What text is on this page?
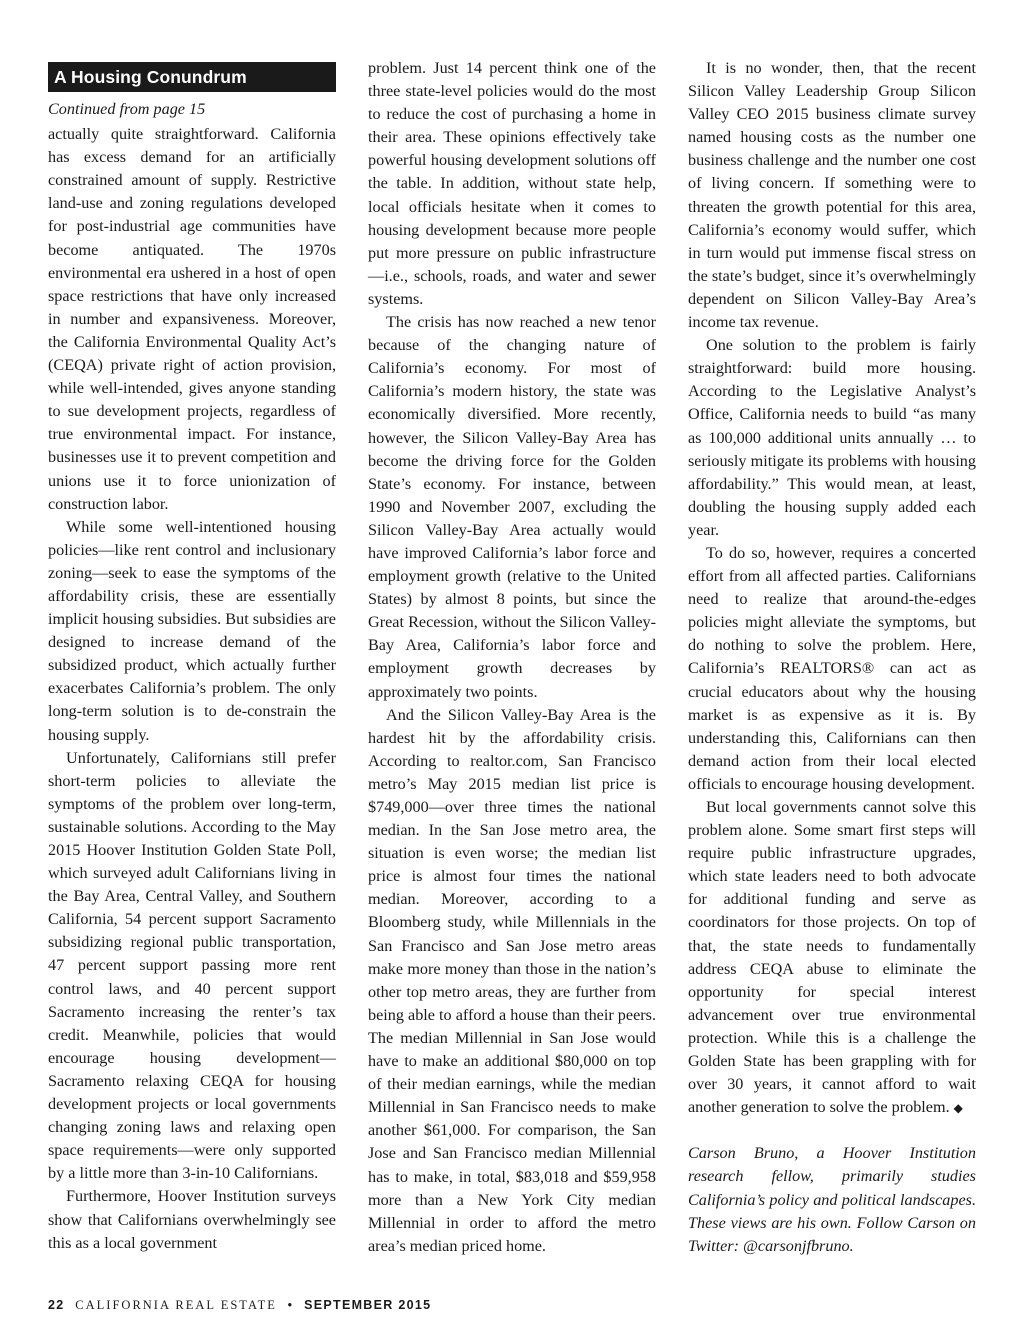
A Housing Conundrum
Continued from page 15

actually quite straightforward. California has excess demand for an artificially constrained amount of supply. Restrictive land-use and zoning regulations developed for post-industrial age communities have become antiquated. The 1970s environmental era ushered in a host of open space restrictions that have only increased in number and expansiveness. Moreover, the California Environmental Quality Act’s (CEQA) private right of action provision, while well-intended, gives anyone standing to sue development projects, regardless of true environmental impact. For instance, businesses use it to prevent competition and unions use it to force unionization of construction labor.

While some well-intentioned housing policies—like rent control and inclusionary zoning—seek to ease the symptoms of the affordability crisis, these are essentially implicit housing subsidies. But subsidies are designed to increase demand of the subsidized product, which actually further exacerbates California’s problem. The only long-term solution is to de-constrain the housing supply.

Unfortunately, Californians still prefer short-term policies to alleviate the symptoms of the problem over long-term, sustainable solutions. According to the May 2015 Hoover Institution Golden State Poll, which surveyed adult Californians living in the Bay Area, Central Valley, and Southern California, 54 percent support Sacramento subsidizing regional public transportation, 47 percent support passing more rent control laws, and 40 percent support Sacramento increasing the renter’s tax credit. Meanwhile, policies that would encourage housing development—Sacramento relaxing CEQA for housing development projects or local governments changing zoning laws and relaxing open space requirements—were only supported by a little more than 3-in-10 Californians.

Furthermore, Hoover Institution surveys show that Californians overwhelmingly see this as a local government

problem. Just 14 percent think one of the three state-level policies would do the most to reduce the cost of purchasing a home in their area. These opinions effectively take powerful housing development solutions off the table. In addition, without state help, local officials hesitate when it comes to housing development because more people put more pressure on public infrastructure—i.e., schools, roads, and water and sewer systems.

The crisis has now reached a new tenor because of the changing nature of California’s economy. For most of California’s modern history, the state was economically diversified. More recently, however, the Silicon Valley-Bay Area has become the driving force for the Golden State’s economy. For instance, between 1990 and November 2007, excluding the Silicon Valley-Bay Area actually would have improved California’s labor force and employment growth (relative to the United States) by almost 8 points, but since the Great Recession, without the Silicon Valley-Bay Area, California’s labor force and employment growth decreases by approximately two points.

And the Silicon Valley-Bay Area is the hardest hit by the affordability crisis. According to realtor.com, San Francisco metro’s May 2015 median list price is $749,000—over three times the national median. In the San Jose metro area, the situation is even worse; the median list price is almost four times the national median. Moreover, according to a Bloomberg study, while Millennials in the San Francisco and San Jose metro areas make more money than those in the nation’s other top metro areas, they are further from being able to afford a house than their peers. The median Millennial in San Jose would have to make an additional $80,000 on top of their median earnings, while the median Millennial in San Francisco needs to make another $61,000. For comparison, the San Jose and San Francisco median Millennial has to make, in total, $83,018 and $59,958 more than a New York City median Millennial in order to afford the metro area’s median priced home.

It is no wonder, then, that the recent Silicon Valley Leadership Group Silicon Valley CEO 2015 business climate survey named housing costs as the number one business challenge and the number one cost of living concern. If something were to threaten the growth potential for this area, California’s economy would suffer, which in turn would put immense fiscal stress on the state’s budget, since it’s overwhelmingly dependent on Silicon Valley-Bay Area’s income tax revenue.

One solution to the problem is fairly straightforward: build more housing. According to the Legislative Analyst’s Office, California needs to build “as many as 100,000 additional units annually … to seriously mitigate its problems with housing affordability.” This would mean, at least, doubling the housing supply added each year.

To do so, however, requires a concerted effort from all affected parties. Californians need to realize that around-the-edges policies might alleviate the symptoms, but do nothing to solve the problem. Here, California’s REALTORS® can act as crucial educators about why the housing market is as expensive as it is. By understanding this, Californians can then demand action from their local elected officials to encourage housing development.

But local governments cannot solve this problem alone. Some smart first steps will require public infrastructure upgrades, which state leaders need to both advocate for additional funding and serve as coordinators for those projects. On top of that, the state needs to fundamentally address CEQA abuse to eliminate the opportunity for special interest advancement over true environmental protection. While this is a challenge the Golden State has been grappling with for over 30 years, it cannot afford to wait another generation to solve the problem. ◆

Carson Bruno, a Hoover Institution research fellow, primarily studies California’s policy and political landscapes. These views are his own. Follow Carson on Twitter: @carsonjfbruno.

22 CALIFORNIA REAL ESTATE • SEPTEMBER 2015
